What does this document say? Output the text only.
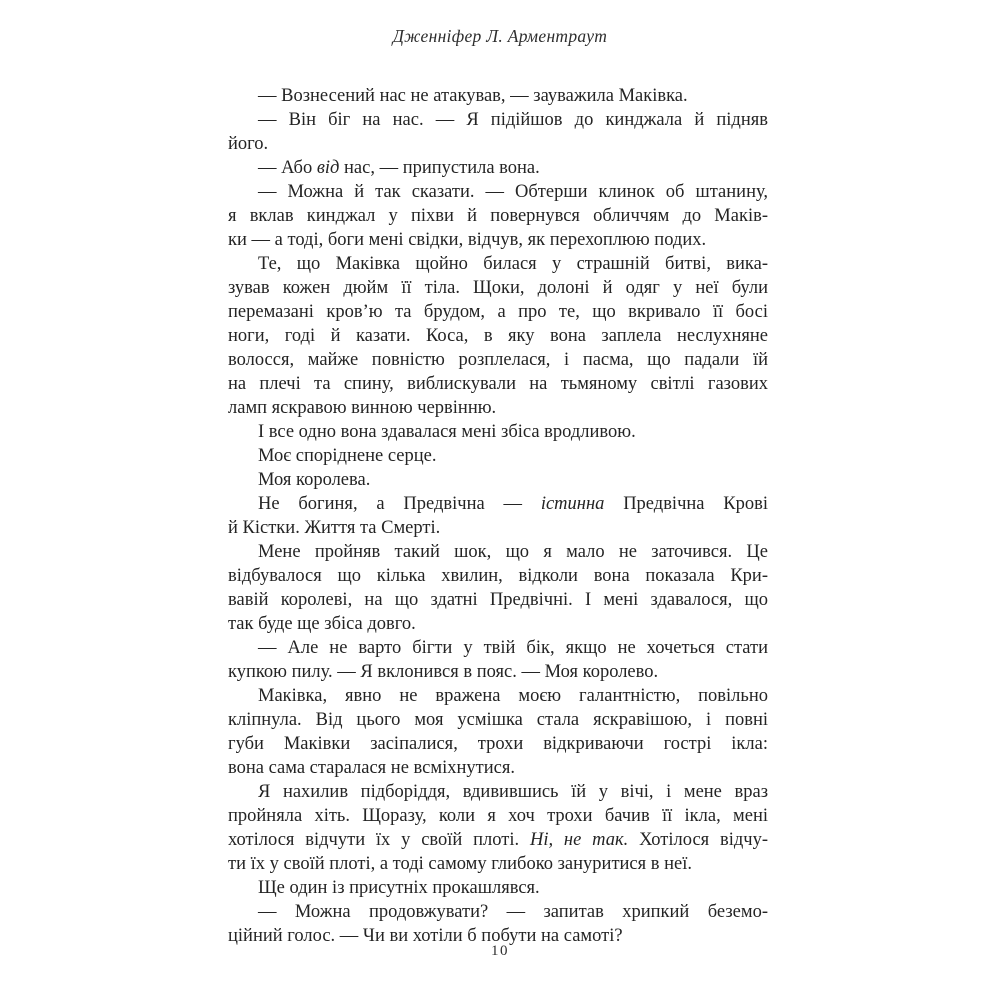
Дженніфер Л. Арментраут
— Вознесений нас не атакував, — зауважила Маківка.
— Він біг на нас. — Я підійшов до кинджала й підняв
його.
— Або від нас, — припустила вона.
— Можна й так сказати. — Обтерши клинок об штанину,
я вклав кинджал у піхви й повернувся обличчям до Маків-
ки — а тоді, боги мені свідки, відчув, як перехоплюю подих.
Те, що Маківка щойно билася у страшній битві, вика-
зував кожен дюйм її тіла. Щоки, долоні й одяг у неї були
перемазані кров’ю та брудом, а про те, що вкривало її босі
ноги, годі й казати. Коса, в яку вона заплела неслухняне
волосся, майже повністю розплелася, і пасма, що падали їй
на плечі та спину, виблискували на тьмяному світлі газових
ламп яскравою винною червінню.
І все одно вона здавалася мені збіса вродливою.
Моє споріднене серце.
Моя королева.
Не богиня, а Предвічна — істинна Предвічна Крові
й Кістки. Життя та Смерті.
Мене пройняв такий шок, що я мало не заточився. Це
відбувалося що кілька хвилин, відколи вона показала Кри-
вавій королеві, на що здатні Предвічні. І мені здавалося, що
так буде ще збіса довго.
— Але не варто бігти у твій бік, якщо не хочеться стати
купкою пилу. — Я вклонився в пояс. — Моя королево.
Маківка, явно не вражена моєю галантністю, повільно
кліпнула. Від цього моя усмішка стала яскравішою, і повні
губи Маківки засіпалися, трохи відкриваючи гострі ікла:
вона сама старалася не всміхнутися.
Я нахилив підборіддя, вдивившись їй у вічі, і мене враз
пройняла хіть. Щоразу, коли я хоч трохи бачив її ікла, мені
хотілося відчути їх у своїй плоті. Ні, не так. Хотілося відчу-
ти їх у своїй плоті, а тоді самому глибоко зануритися в неї.
Ще один із присутніх прокашлявся.
— Можна продовжувати? — запитав хрипкий беземо-
ційний голос. — Чи ви хотіли б побути на самоті?
10
